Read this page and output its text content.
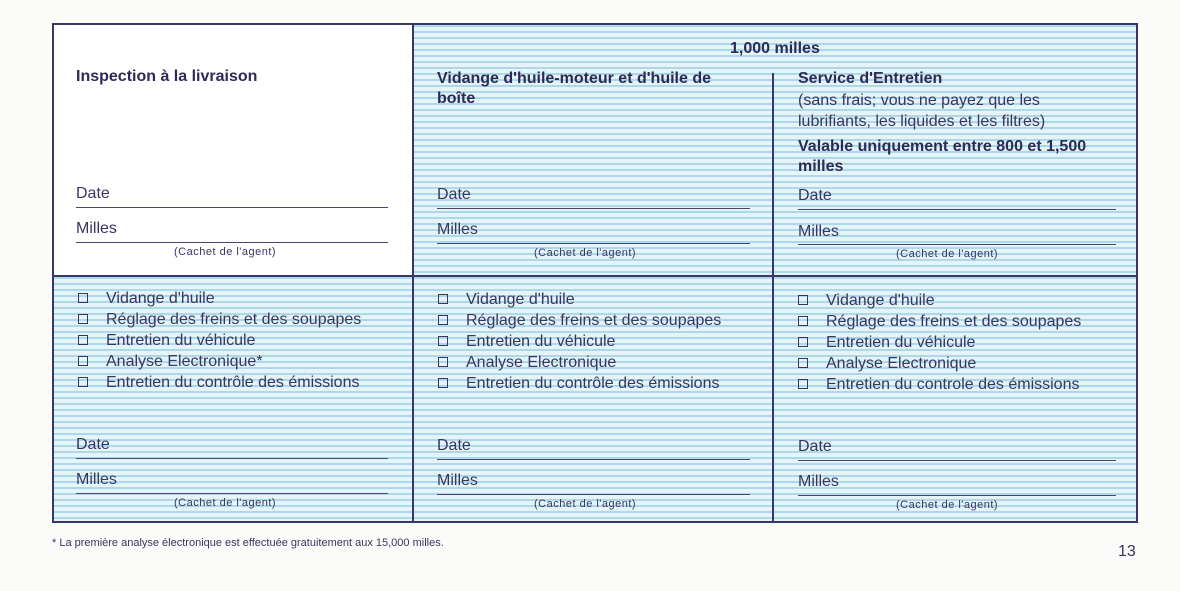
Inspection à la livraison
Date
Milles
(Cachet de l'agent)
1,000 milles
Vidange d'huile-moteur et d'huile de boîte
Date
Milles
(Cachet de l'agent)
Service d'Entretien
(sans frais; vous ne payez que les lubrifiants, les liquides et les filtres)
Valable uniquement entre 800 et 1,500 milles
Date
Milles
(Cachet de l'agent)
Vidange d'huile
Réglage des freins et des soupapes
Entretien du véhicule
Analyse Electronique*
Entretien du contrôle des émissions
Date
Milles
(Cachet de l'agent)
Vidange d'huile
Réglage des freins et des soupapes
Entretien du véhicule
Analyse Electronique
Entretien du contrôle des émissions
Date
Milles
(Cachet de l'agent)
Vidange d'huile
Réglage des freins et des soupapes
Entretien du véhicule
Analyse Electronique
Entretien du controle des émissions
Date
Milles
(Cachet de l'agent)
* La première analyse électronique est effectuée gratuitement aux 15,000 milles.	13
